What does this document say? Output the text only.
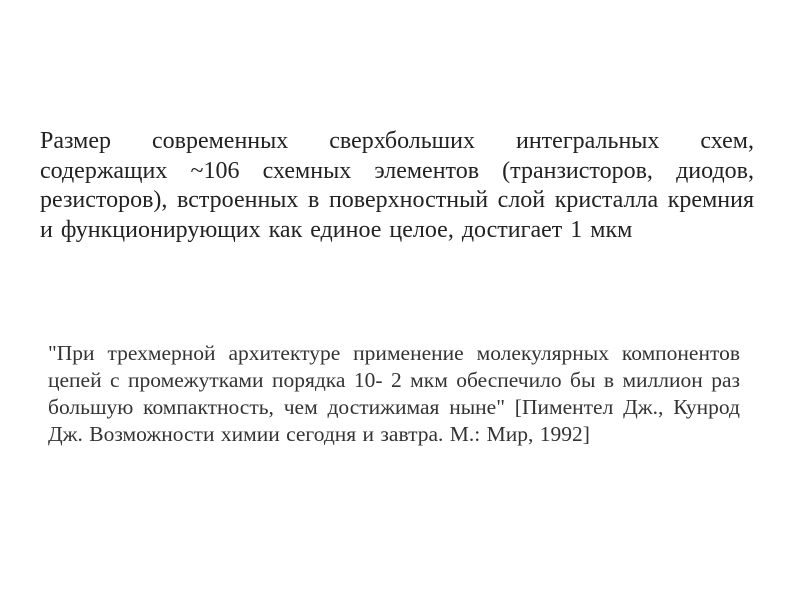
Размер современных сверхбольших интегральных схем, содержащих ~106 схемных элементов (транзисторов, диодов, резисторов), встроенных в поверхностный слой кристалла кремния и функционирующих как единое целое, достигает 1 мкм
"При трехмерной архитектуре применение молекулярных компонентов цепей с промежутками порядка 10- 2 мкм обеспечило бы в миллион раз большую компактность, чем достижимая ныне" [Пиментел Дж., Кунрод Дж. Возможности химии сегодня и завтра. М.: Мир, 1992]
